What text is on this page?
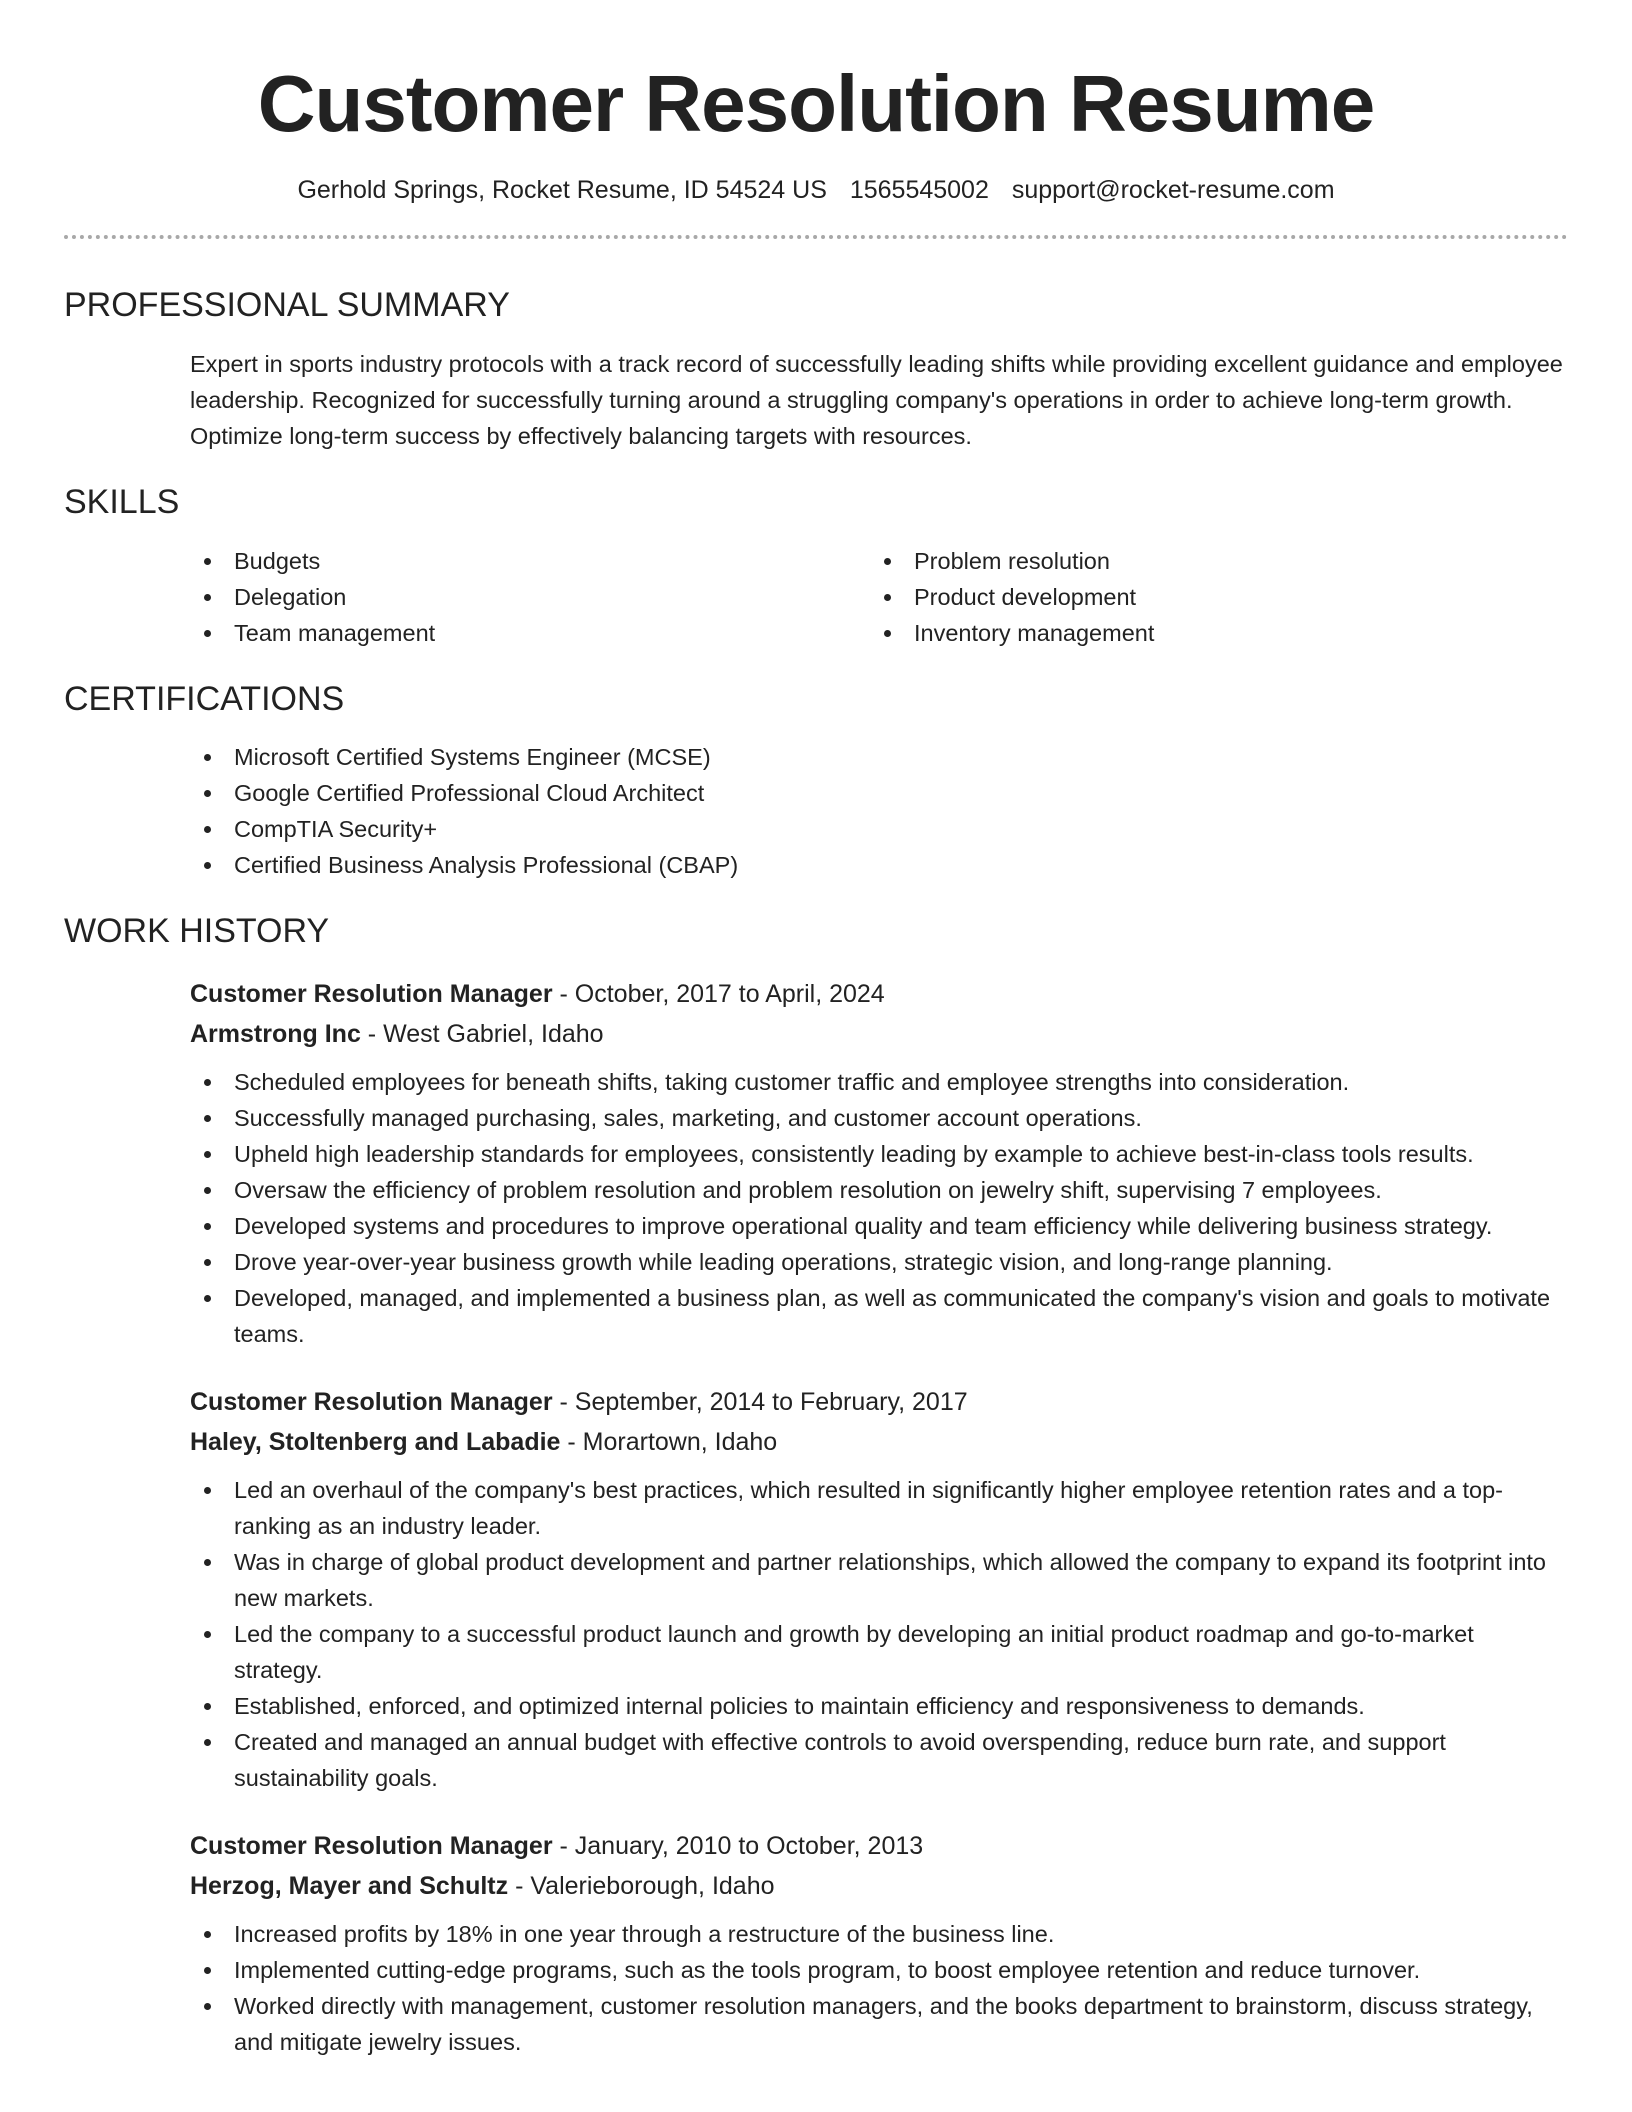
Customer Resolution Resume
Gerhold Springs, Rocket Resume, ID 54524 US 1565545002 support@rocket-resume.com
PROFESSIONAL SUMMARY

Expert in sports industry protocols with a track record of successfully leading shifts while providing excellent guidance and employee leadership. Recognized for successfully turning around a struggling company's operations in order to achieve long-term growth. Optimize long-term success by effectively balancing targets with resources.

SKILLS
Budgets
Delegation
Team management
Problem resolution
Product development
Inventory management
CERTIFICATIONS
Microsoft Certified Systems Engineer (MCSE)
Google Certified Professional Cloud Architect
CompTIA Security+
Certified Business Analysis Professional (CBAP)
WORK HISTORY
Customer Resolution Manager - October, 2017 to April, 2024
Armstrong Inc - West Gabriel, Idaho
Scheduled employees for beneath shifts, taking customer traffic and employee strengths into consideration.
Successfully managed purchasing, sales, marketing, and customer account operations.
Upheld high leadership standards for employees, consistently leading by example to achieve best-in-class tools results.
Oversaw the efficiency of problem resolution and problem resolution on jewelry shift, supervising 7 employees.
Developed systems and procedures to improve operational quality and team efficiency while delivering business strategy.
Drove year-over-year business growth while leading operations, strategic vision, and long-range planning.
Developed, managed, and implemented a business plan, as well as communicated the company's vision and goals to motivate teams.
Customer Resolution Manager - September, 2014 to February, 2017
Haley, Stoltenberg and Labadie - Morartown, Idaho
Led an overhaul of the company's best practices, which resulted in significantly higher employee retention rates and a top-ranking as an industry leader.
Was in charge of global product development and partner relationships, which allowed the company to expand its footprint into new markets.
Led the company to a successful product launch and growth by developing an initial product roadmap and go-to-market strategy.
Established, enforced, and optimized internal policies to maintain efficiency and responsiveness to demands.
Created and managed an annual budget with effective controls to avoid overspending, reduce burn rate, and support sustainability goals.
Customer Resolution Manager - January, 2010 to October, 2013
Herzog, Mayer and Schultz - Valerieborough, Idaho
Increased profits by 18% in one year through a restructure of the business line.
Implemented cutting-edge programs, such as the tools program, to boost employee retention and reduce turnover.
Worked directly with management, customer resolution managers, and the books department to brainstorm, discuss strategy, and mitigate jewelry issues.
